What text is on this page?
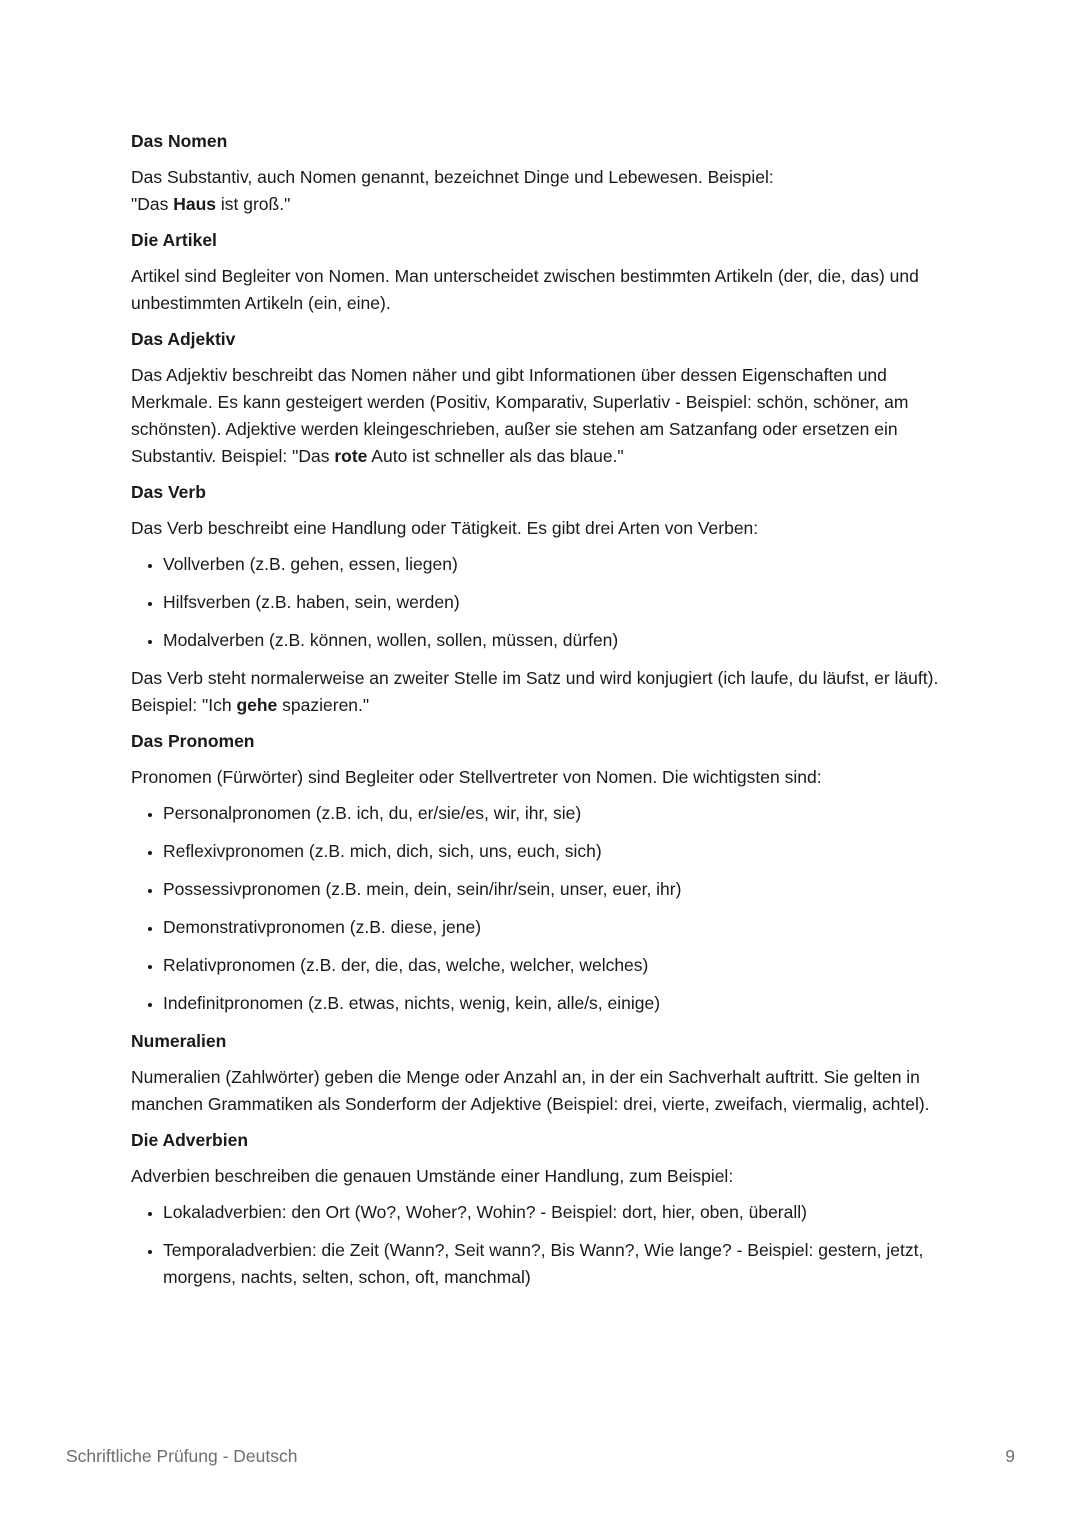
Das Nomen
Das Substantiv, auch Nomen genannt, bezeichnet Dinge und Lebewesen. Beispiel:
"Das Haus ist groß."
Die Artikel
Artikel sind Begleiter von Nomen. Man unterscheidet zwischen bestimmten Artikeln (der, die, das) und unbestimmten Artikeln (ein, eine).
Das Adjektiv
Das Adjektiv beschreibt das Nomen näher und gibt Informationen über dessen Eigenschaften und Merkmale. Es kann gesteigert werden (Positiv, Komparativ, Superlativ - Beispiel: schön, schöner, am schönsten). Adjektive werden kleingeschrieben, außer sie stehen am Satzanfang oder ersetzen ein Substantiv. Beispiel: "Das rote Auto ist schneller als das blaue."
Das Verb
Das Verb beschreibt eine Handlung oder Tätigkeit. Es gibt drei Arten von Verben:
• Vollverben (z.B. gehen, essen, liegen)
• Hilfsverben (z.B. haben, sein, werden)
• Modalverben (z.B. können, wollen, sollen, müssen, dürfen)
Das Verb steht normalerweise an zweiter Stelle im Satz und wird konjugiert (ich laufe, du läufst, er läuft). Beispiel: "Ich gehe spazieren."
Das Pronomen
Pronomen (Fürwörter) sind Begleiter oder Stellvertreter von Nomen. Die wichtigsten sind:
• Personalpronomen (z.B. ich, du, er/sie/es, wir, ihr, sie)
• Reflexivpronomen (z.B. mich, dich, sich, uns, euch, sich)
• Possessivpronomen (z.B. mein, dein, sein/ihr/sein, unser, euer, ihr)
• Demonstrativpronomen (z.B. diese, jene)
• Relativpronomen (z.B. der, die, das, welche, welcher, welches)
• Indefinitpronomen (z.B. etwas, nichts, wenig, kein, alle/s, einige)
Numeralien
Numeralien (Zahlwörter) geben die Menge oder Anzahl an, in der ein Sachverhalt auftritt. Sie gelten in manchen Grammatiken als Sonderform der Adjektive (Beispiel: drei, vierte, zweifach, viermalig, achtel).
Die Adverbien
Adverbien beschreiben die genauen Umstände einer Handlung, zum Beispiel:
• Lokaladverbien: den Ort (Wo?, Woher?, Wohin? - Beispiel: dort, hier, oben, überall)
• Temporaladverbien: die Zeit (Wann?, Seit wann?, Bis Wann?, Wie lange? - Beispiel: gestern, jetzt, morgens, nachts, selten, schon, oft, manchmal)
Schriftliche Prüfung - Deutsch	9
